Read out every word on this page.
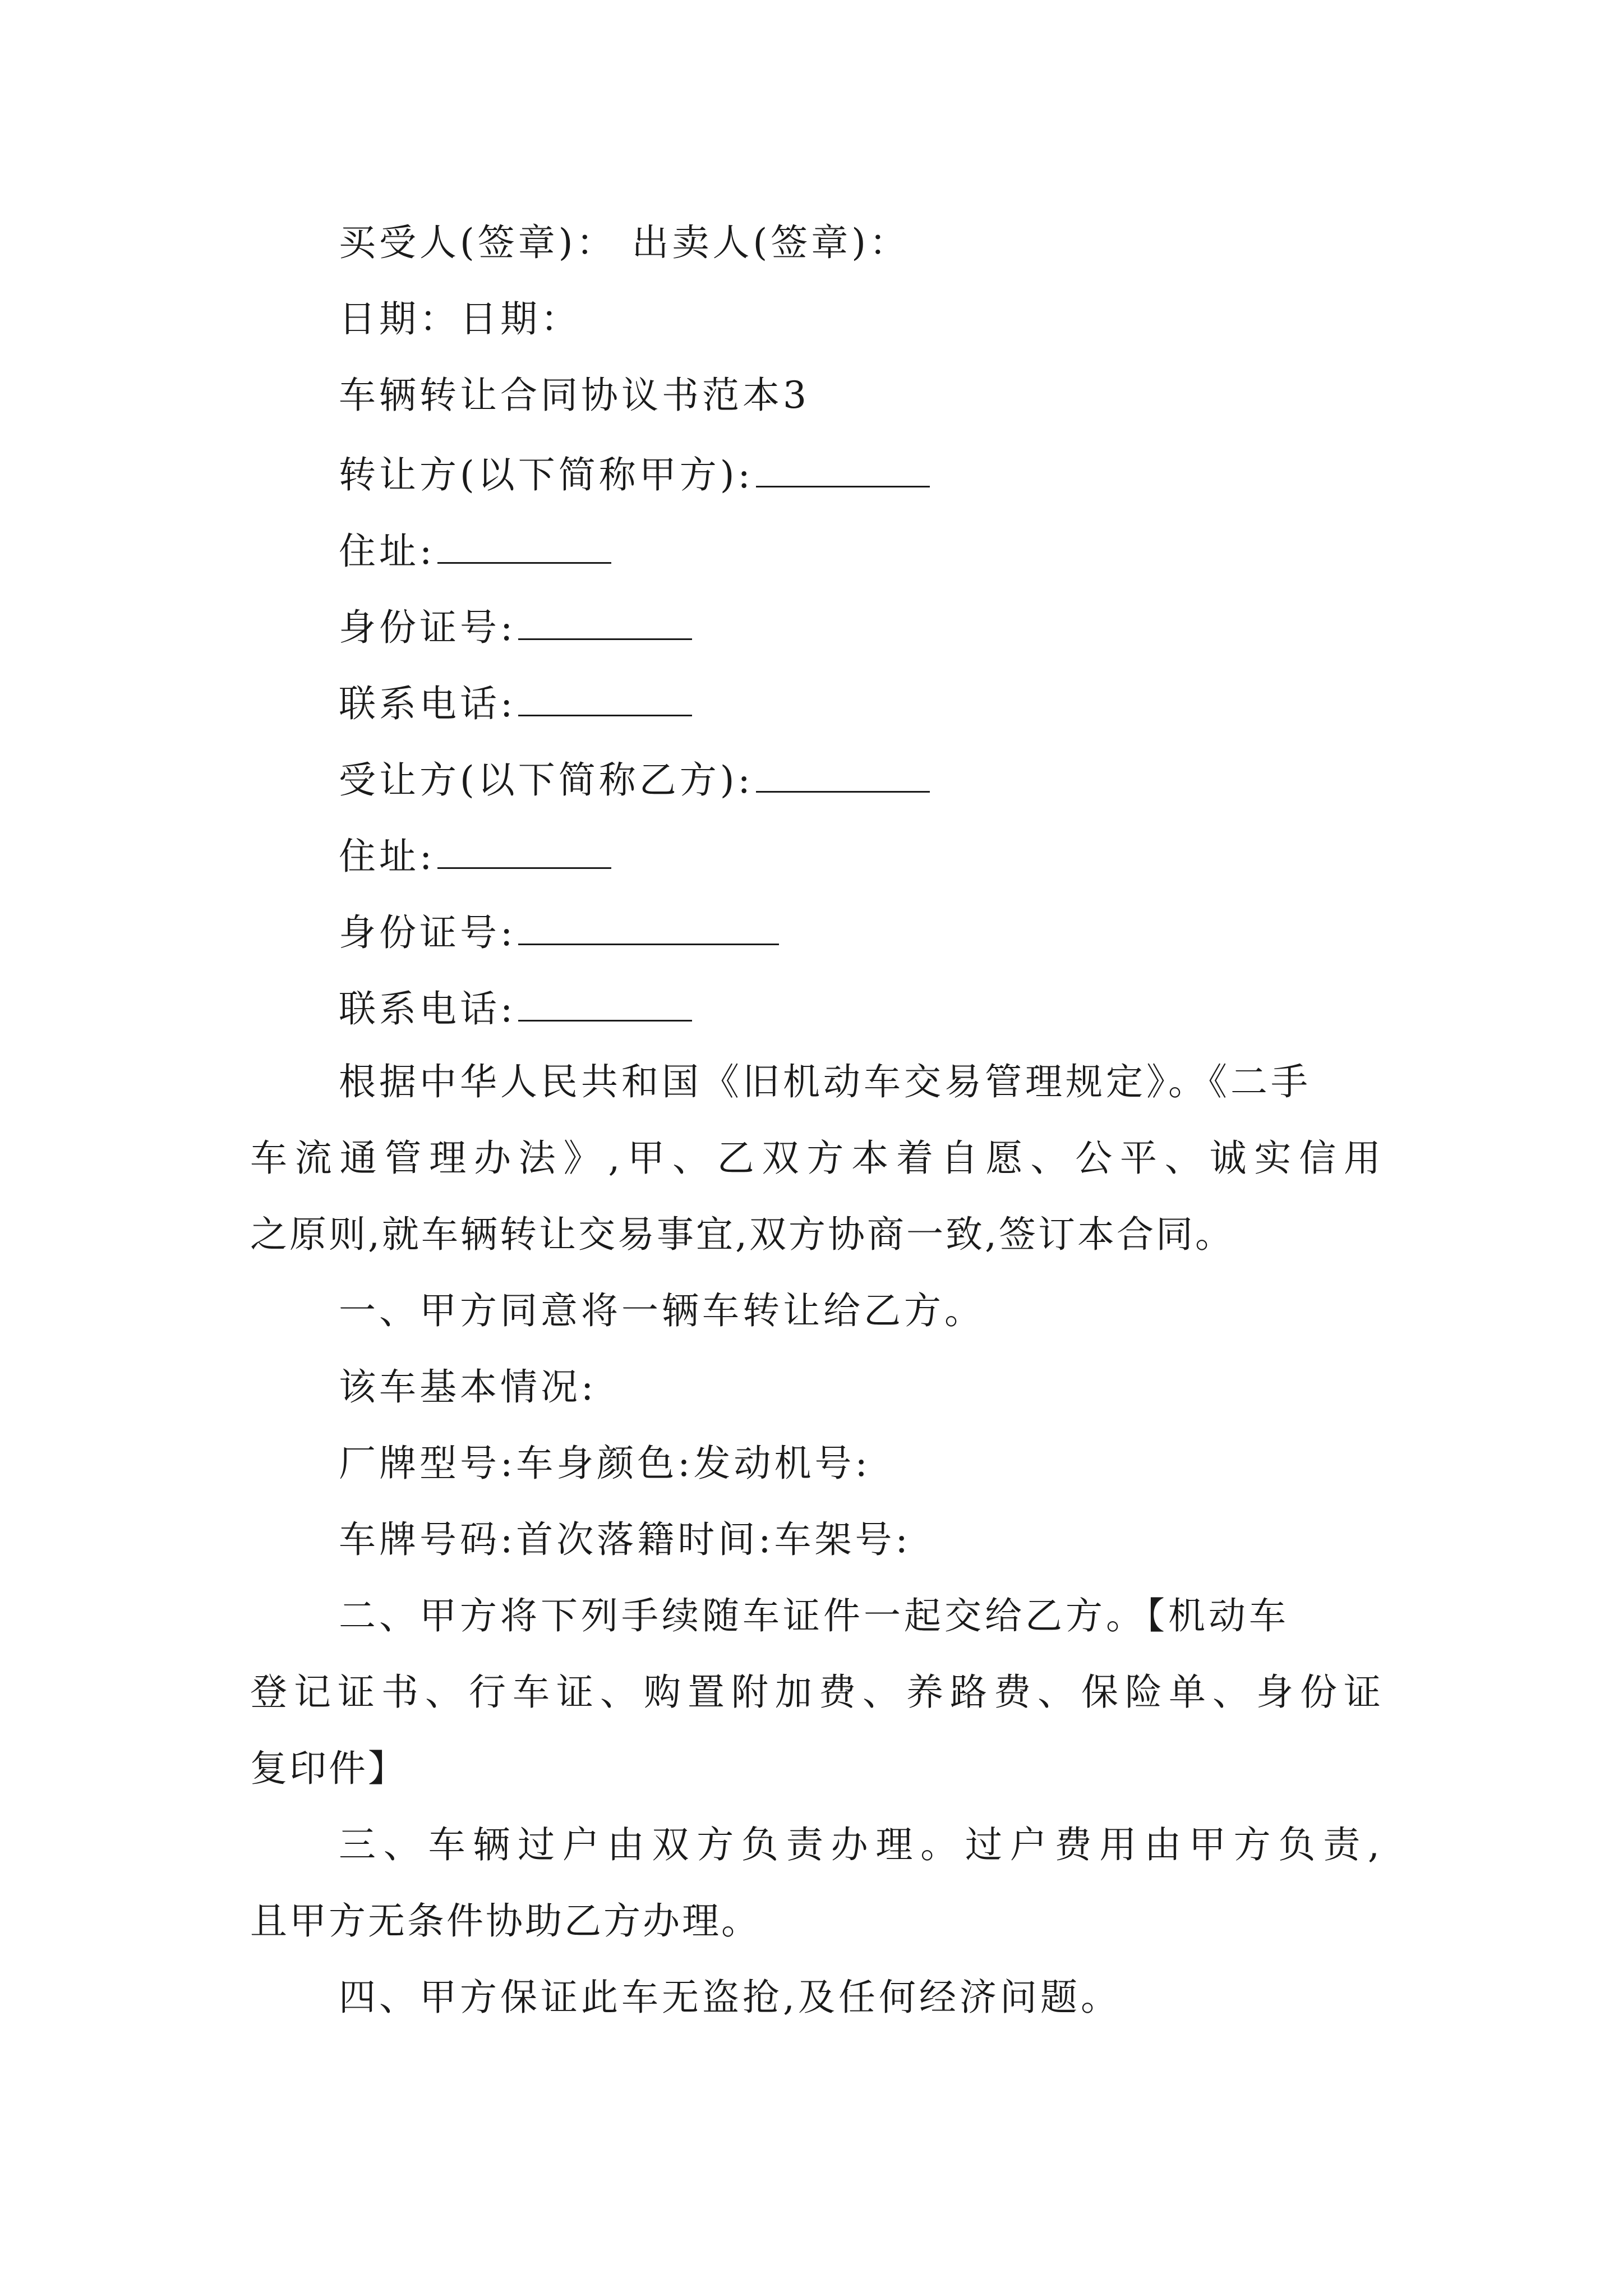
买受人(签章)： 出卖人(签章)：
日期：日期：
车辆转让合同协议书范本3
转让方(以下简称甲方):
住址:
身份证号:
联系电话:
受让方(以下简称乙方):
住址:
身份证号:
联系电话:
根据中华人民共和国《旧机动车交易管理规定》。《二手
车流通管理办法》,甲、乙双方本着自愿、公平、诚实信用
之原则,就车辆转让交易事宜,双方协商一致,签订本合同。
一、甲方同意将一辆车转让给乙方。
该车基本情况:
厂牌型号:车身颜色:发动机号:
车牌号码:首次落籍时间:车架号:
二、甲方将下列手续随车证件一起交给乙方。【机动车
登记证书、行车证、购置附加费、养路费、保险单、身份证
复印件】
三、车辆过户由双方负责办理。过户费用由甲方负责,
且甲方无条件协助乙方办理。
四、甲方保证此车无盗抢,及任何经济问题。
